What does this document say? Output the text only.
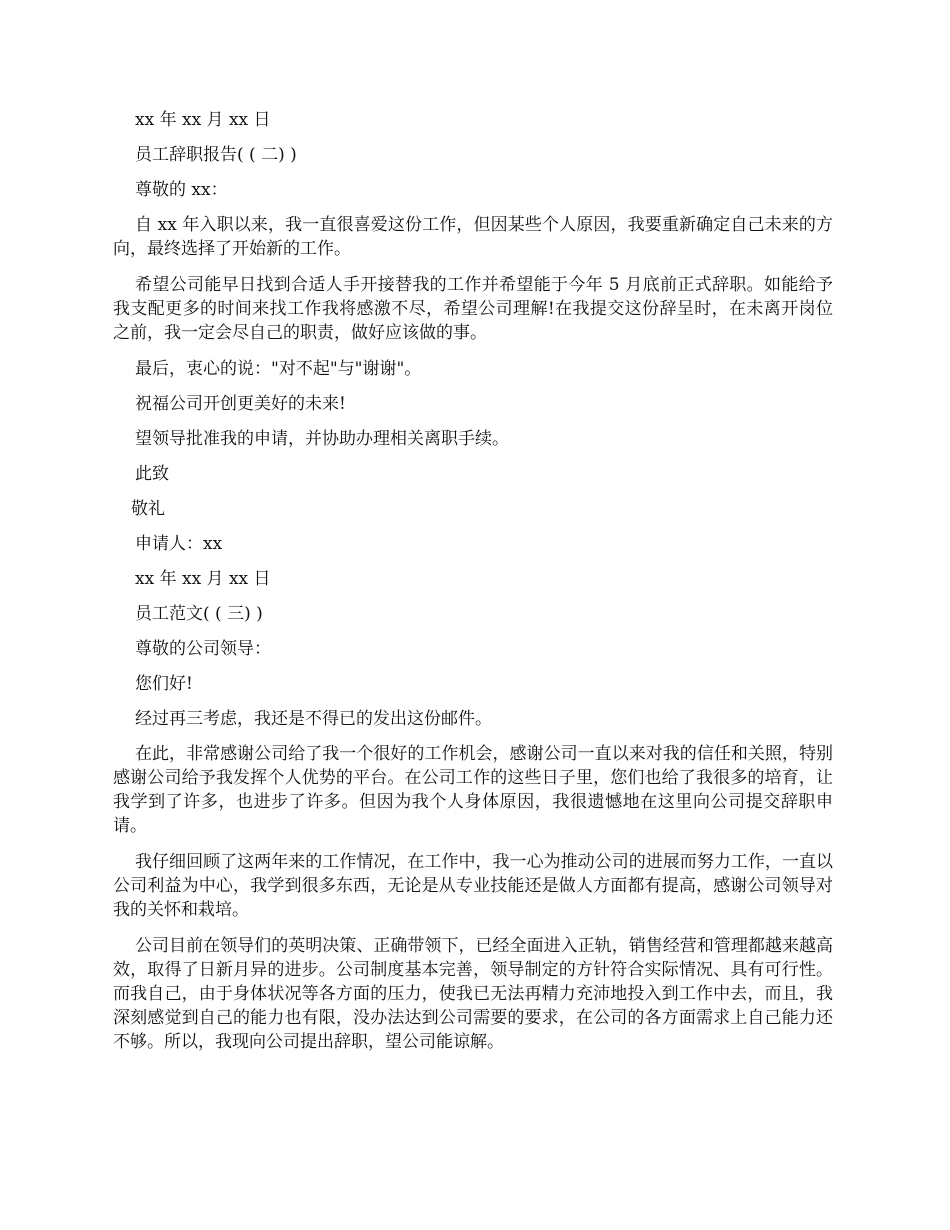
xx 年 xx 月 xx 日

员工辞职报告( ( 二) )

尊敬的 xx：

自 xx 年入职以来，我一直很喜爱这份工作，但因某些个人原因，我要重新确定自己未来的方向，最终选择了开始新的工作。

希望公司能早日找到合适人手开接替我的工作并希望能于今年 5 月底前正式辞职。如能给予我支配更多的时间来找工作我将感激不尽，希望公司理解!在我提交这份辞呈时，在未离开岗位之前，我一定会尽自己的职责，做好应该做的事。

最后，衷心的说："对不起"与"谢谢"。

祝福公司开创更美好的未来!

望领导批准我的申请，并协助办理相关离职手续。

此致

敬礼

申请人：xx

xx 年 xx 月 xx 日

员工范文( ( 三) )

尊敬的公司领导：

您们好!

经过再三考虑，我还是不得已的发出这份邮件。

在此，非常感谢公司给了我一个很好的工作机会，感谢公司一直以来对我的信任和关照，特别感谢公司给予我发挥个人优势的平台。在公司工作的这些日子里，您们也给了我很多的培育，让我学到了许多，也进步了许多。但因为我个人身体原因，我很遗憾地在这里向公司提交辞职申请。

我仔细回顾了这两年来的工作情况，在工作中，我一心为推动公司的进展而努力工作，一直以公司利益为中心，我学到很多东西，无论是从专业技能还是做人方面都有提高，感谢公司领导对我的关怀和栽培。

公司目前在领导们的英明决策、正确带领下，已经全面进入正轨，销售经营和管理都越来越高效，取得了日新月异的进步。公司制度基本完善，领导制定的方针符合实际情况、具有可行性。而我自己，由于身体状况等各方面的压力，使我已无法再精力充沛地投入到工作中去，而且，我深刻感觉到自己的能力也有限，没办法达到公司需要的要求，在公司的各方面需求上自己能力还不够。所以，我现向公司提出辞职，望公司能谅解。
